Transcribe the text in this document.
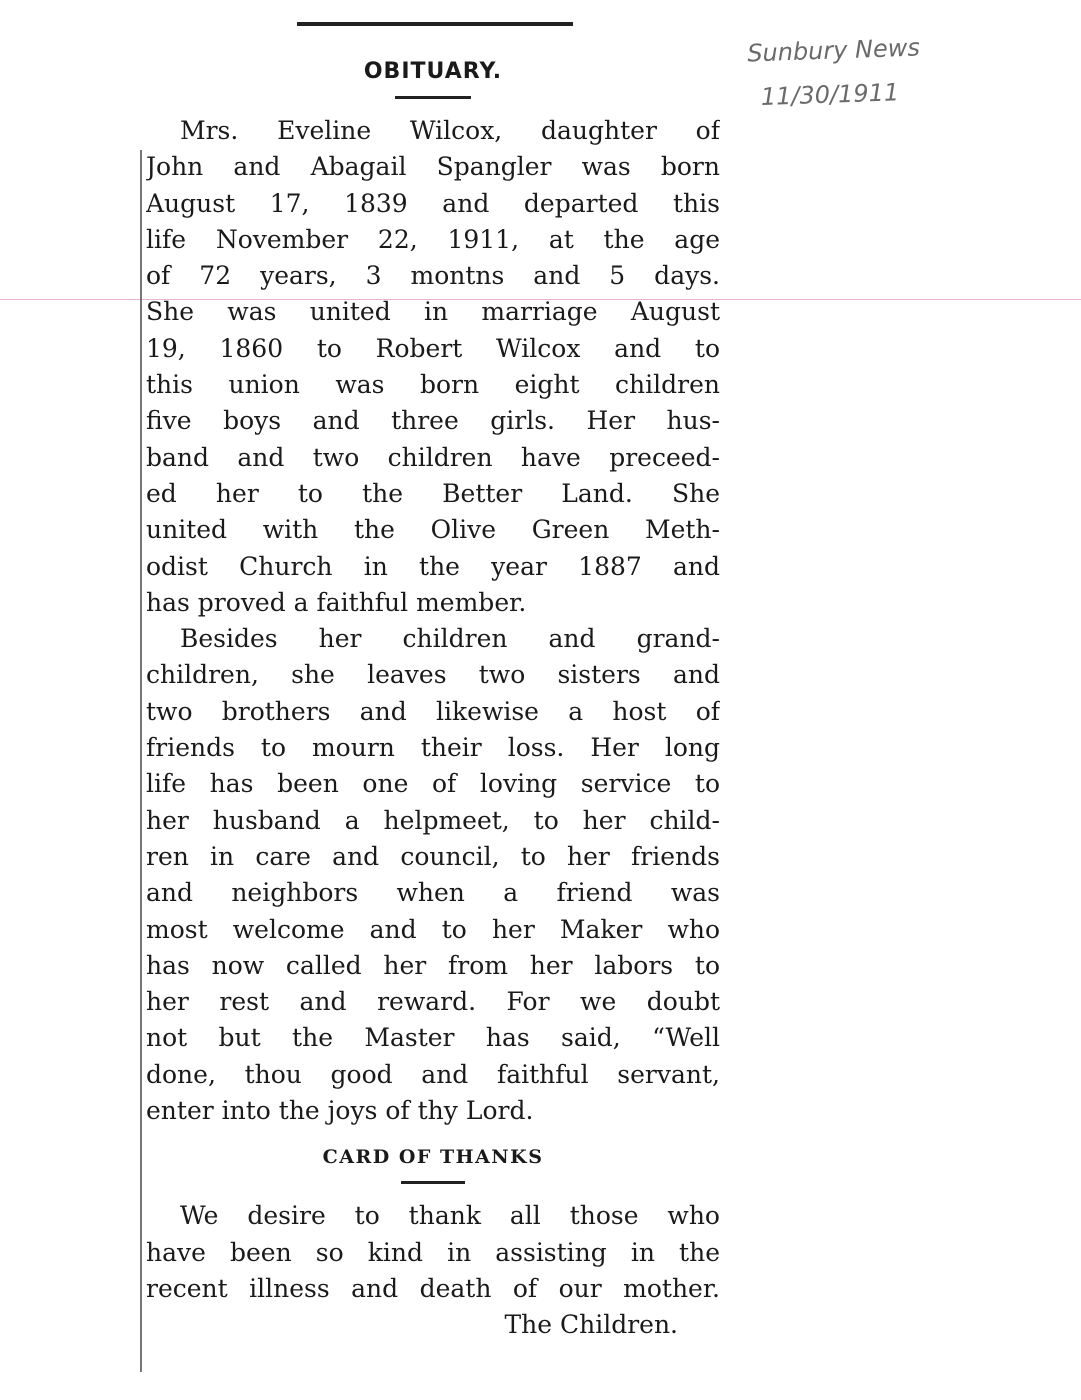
Sunbury News
11/30/1911
OBITUARY.
Mrs. Eveline Wilcox, daughter of
John and Abagail Spangler was born
August 17, 1839 and departed this
life November 22, 1911, at the age
of 72 years, 3 montns and 5 days.
She was united in marriage August
19, 1860 to Robert Wilcox and to
this union was born eight children
five boys and three girls. Her hus-
band and two children have preceed-
ed her to the Better Land. She
united with the Olive Green Meth-
odist Church in the year 1887 and
has proved a faithful member.
Besides her children and grand-
children, she leaves two sisters and
two brothers and likewise a host of
friends to mourn their loss. Her long
life has been one of loving service to
her husband a helpmeet, to her child-
ren in care and council, to her friends
and neighbors when a friend was
most welcome and to her Maker who
has now called her from her labors to
her rest and reward. For we doubt
not but the Master has said, “Well
done, thou good and faithful servant,
enter into the joys of thy Lord.
CARD OF THANKS
We desire to thank all those who
have been so kind in assisting in the
recent illness and death of our mother.
The Children.
